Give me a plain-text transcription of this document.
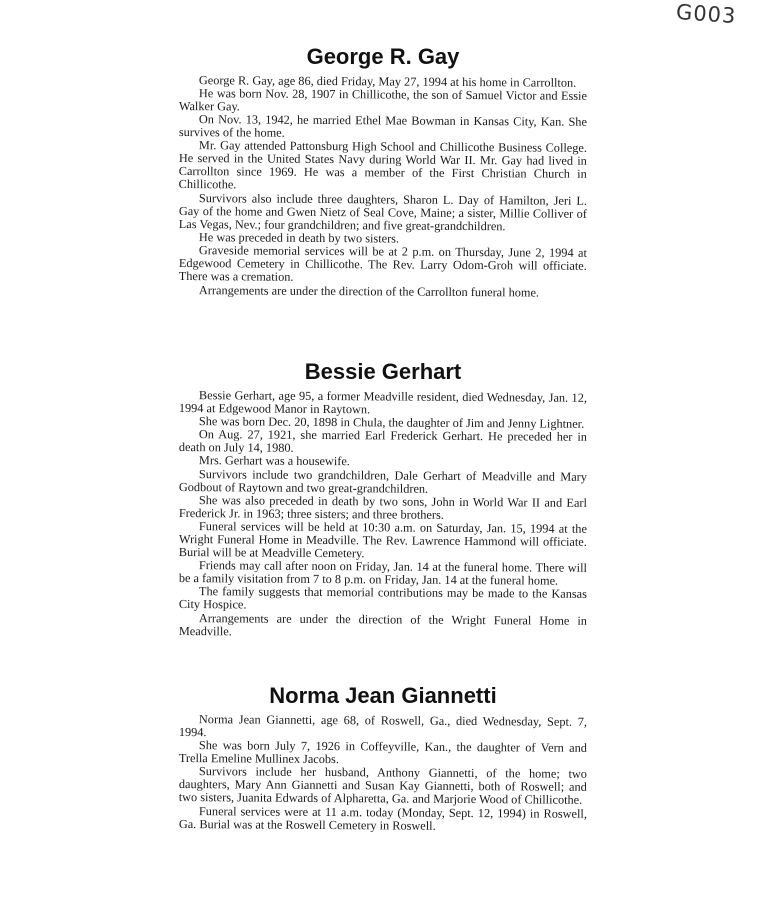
G003
George R. Gay

George R. Gay, age 86, died Friday, May 27, 1994 at his home in Carrollton.

He was born Nov. 28, 1907 in Chillicothe, the son of Samuel Victor and Essie Walker Gay.

On Nov. 13, 1942, he married Ethel Mae Bowman in Kansas City, Kan. She survives of the home.

Mr. Gay attended Pattonsburg High School and Chillicothe Business College. He served in the United States Navy during World War II. Mr. Gay had lived in Carrollton since 1969. He was a member of the First Christian Church in Chillicothe.

Survivors also include three daughters, Sharon L. Day of Hamilton, Jeri L. Gay of the home and Gwen Nietz of Seal Cove, Maine; a sister, Millie Colliver of Las Vegas, Nev.; four grandchildren; and five great-grandchildren.

He was preceded in death by two sisters.

Graveside memorial services will be at 2 p.m. on Thursday, June 2, 1994 at Edgewood Cemetery in Chillicothe. The Rev. Larry Odom-Groh will officiate. There was a cremation.

Arrangements are under the direction of the Carrollton funeral home.

Bessie Gerhart

Bessie Gerhart, age 95, a former Meadville resident, died Wednesday, Jan. 12, 1994 at Edgewood Manor in Raytown.

She was born Dec. 20, 1898 in Chula, the daughter of Jim and Jenny Lightner.

On Aug. 27, 1921, she married Earl Frederick Gerhart. He preceded her in death on July 14, 1980.

Mrs. Gerhart was a housewife.

Survivors include two grandchildren, Dale Gerhart of Meadville and Mary Godbout of Raytown and two great-grandchildren.

She was also preceded in death by two sons, John in World War II and Earl Frederick Jr. in 1963; three sisters; and three brothers.

Funeral services will be held at 10:30 a.m. on Saturday, Jan. 15, 1994 at the Wright Funeral Home in Meadville. The Rev. Lawrence Hammond will officiate. Burial will be at Meadville Cemetery.

Friends may call after noon on Friday, Jan. 14 at the funeral home. There will be a family visitation from 7 to 8 p.m. on Friday, Jan. 14 at the funeral home.

The family suggests that memorial contributions may be made to the Kansas City Hospice.

Arrangements are under the direction of the Wright Funeral Home in Meadville.

Norma Jean Giannetti

Norma Jean Giannetti, age 68, of Roswell, Ga., died Wednesday, Sept. 7, 1994.

She was born July 7, 1926 in Coffeyville, Kan., the daughter of Vern and Trella Emeline Mullinex Jacobs.

Survivors include her husband, Anthony Giannetti, of the home; two daughters, Mary Ann Giannetti and Susan Kay Giannetti, both of Roswell; and two sisters, Juanita Edwards of Alpharetta, Ga. and Marjorie Wood of Chillicothe.

Funeral services were at 11 a.m. today (Monday, Sept. 12, 1994) in Roswell, Ga. Burial was at the Roswell Cemetery in Roswell.
